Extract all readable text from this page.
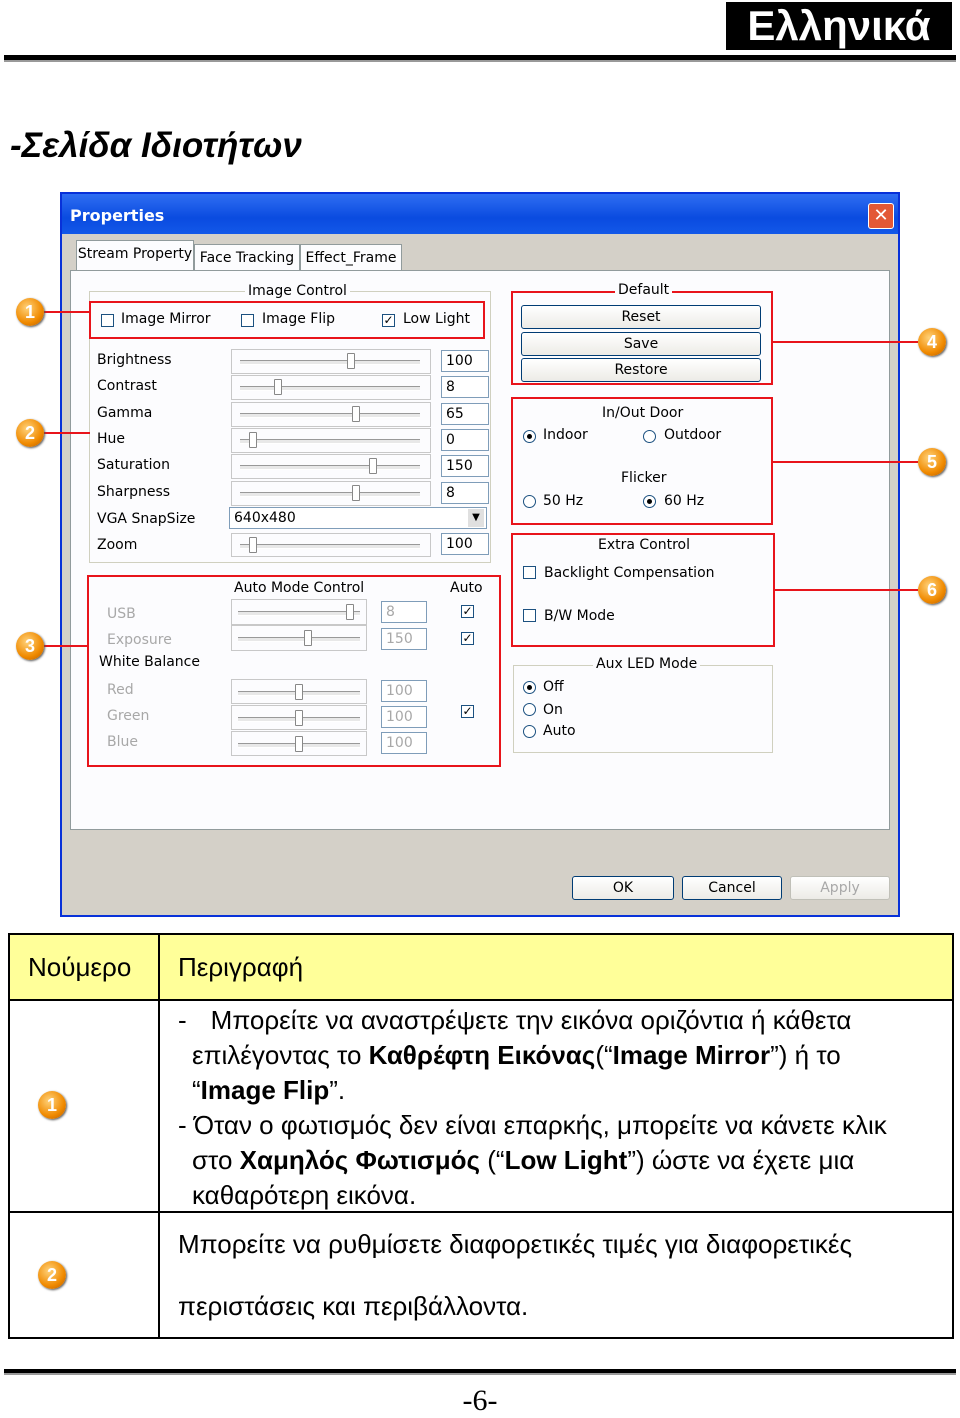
Ελληνικά
-Σελίδα Ιδιοτήτων
Properties	✕
Stream Property Face Tracking Effect_Frame
Image Control
Image Mirror	Image Flip	✓ Low Light
Brightness	100
Contrast	8
Gamma	65
Hue	0
Saturation	150
Sharpness	8
VGA SnapSize	640x480	▼
Zoom	100
Auto Mode Control	Auto
USB	8	✓
Exposure	150	✓
White Balance
Red	100
Green	100
Blue	100
✓
Default
Reset
Save
Restore
In/Out Door
Indoor	Outdoor
Flicker
50 Hz	60 Hz
Extra Control
Backlight Compensation
B/W Mode
Aux LED Mode
Off
On
Auto
OK	Cancel	Apply
1
2
3
4
5
6
Νούμερο Περιγραφή
1
- Μπορείτε να αναστρέψετε την εικόνα οριζόντια ή κάθετα
επιλέγοντας το Καθρέφτη Εικόνας(“Image Mirror”) ή το
“Image Flip”.
- Όταν ο φωτισμός δεν είναι επαρκής, μπορείτε να κάνετε κλικ
στο Χαμηλός Φωτισμός (“Low Light”) ώστε να έχετε μια
καθαρότερη εικόνα.
2
Μπορείτε να ρυθμίσετε διαφορετικές τιμές για διαφορετικές
περιστάσεις και περιβάλλοντα.
-6-
